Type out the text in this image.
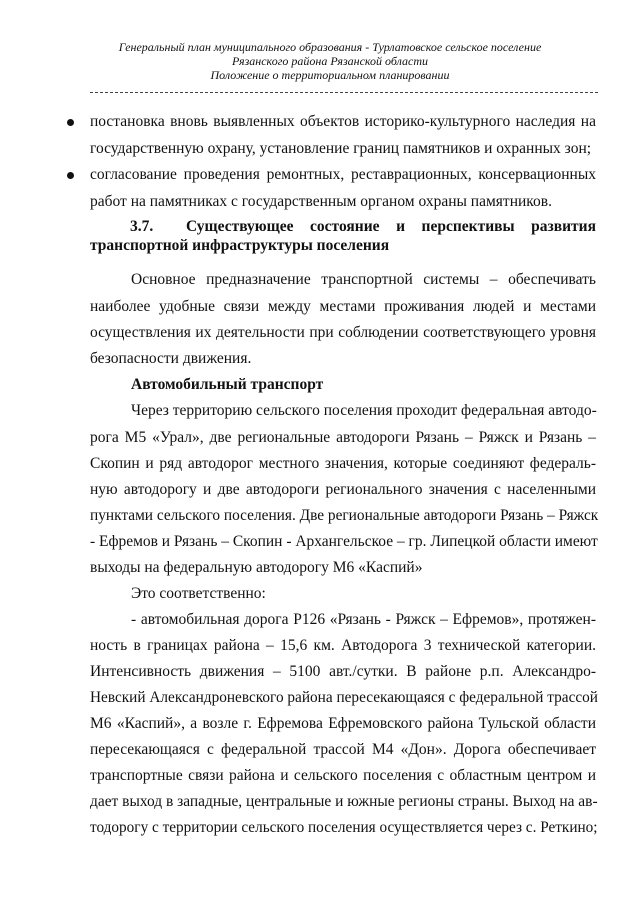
Генеральный план муниципального образования - Турлатовское сельское поселение
Рязанского района Рязанской области
Положение о территориальном планировании
постановка вновь выявленных объектов историко-культурного наследия на
государственную охрану, установление границ памятников и охранных зон;
согласование проведения ремонтных, реставрационных, консервационных
работ на памятниках с государственным органом охраны памятников.
3.7. Существующее    состояние    и    перспективы    развития
транспортной инфраструктуры поселения
Основное предназначение транспортной системы – обеспечивать
наиболее удобные связи между местами проживания людей и местами
осуществления их деятельности при соблюдении соответствующего уровня
безопасности движения.
Автомобильный транспорт
Через территорию сельского поселения проходит федеральная автодо-
рога М5 «Урал», две региональные автодороги Рязань – Ряжск и Рязань –
Скопин и ряд автодорог местного значения, которые соединяют федераль-
ную автодорогу и две автодороги регионального значения с населенными
пунктами сельского поселения. Две региональные автодороги Рязань – Ряжск
- Ефремов и Рязань – Скопин - Архангельское – гр. Липецкой области имеют
выходы на федеральную автодорогу М6 «Каспий»
Это соответственно:
- автомобильная дорога Р126 «Рязань - Ряжск – Ефремов», протяжен-
ность в границах района – 15,6 км. Автодорога 3 технической категории.
Интенсивность движения – 5100 авт./сутки. В районе р.п. Александро-
Невский Александроневского района пересекающаяся с федеральной трассой
М6 «Каспий», а возле г. Ефремова Ефремовского района Тульской области
пересекающаяся с федеральной трассой М4 «Дон». Дорога обеспечивает
транспортные связи района и сельского поселения с областным центром и
дает выход в западные, центральные и южные регионы страны. Выход на ав-
тодорогу с территории сельского поселения осуществляется через с. Реткино;
